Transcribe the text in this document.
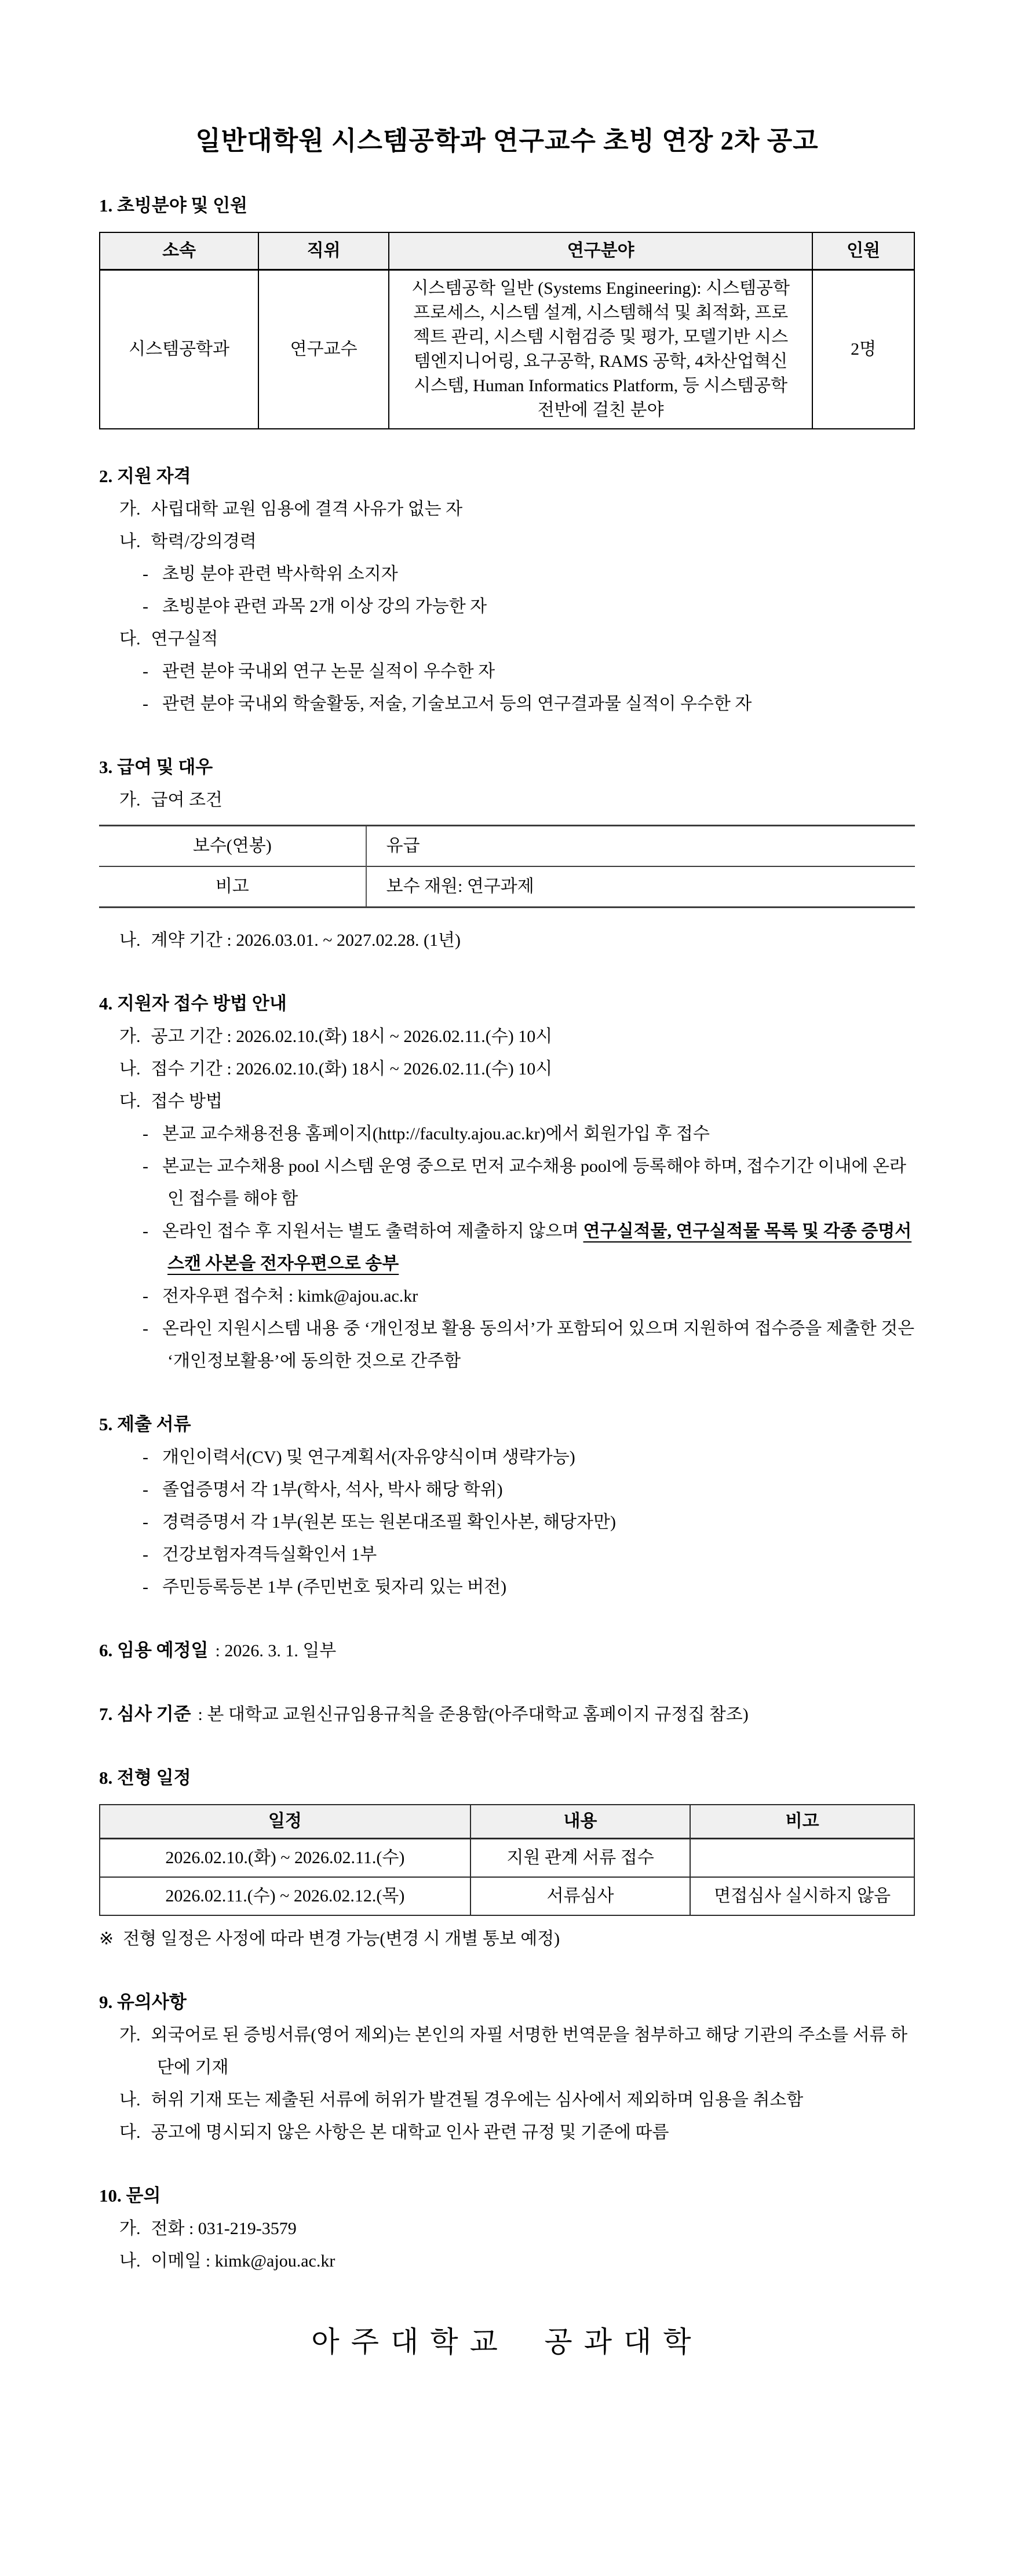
일반대학원 시스템공학과 연구교수 초빙 연장 2차 공고
1. 초빙분야 및 인원
소속	직위	연구분야	인원
시스템공학과	연구교수	시스템공학 일반 (Systems Engineering): 시스템공학 프로세스, 시스템 설계, 시스템해석 및 최적화, 프로젝트 관리, 시스템 시험검증 및 평가, 모델기반 시스템엔지니어링, 요구공학, RAMS 공학, 4차산업혁신 시스템, Human Informatics Platform, 등 시스템공학 전반에 걸친 분야	2명
2. 지원 자격
가. 사립대학 교원 임용에 결격 사유가 없는 자
나. 학력/강의경력
- 초빙 분야 관련 박사학위 소지자
- 초빙분야 관련 과목 2개 이상 강의 가능한 자
다. 연구실적
- 관련 분야 국내외 연구 논문 실적이 우수한 자
- 관련 분야 국내외 학술활동, 저술, 기술보고서 등의 연구결과물 실적이 우수한 자
3. 급여 및 대우
가. 급여 조건
보수(연봉)	유급
비고	보수 재원: 연구과제
나. 계약 기간 : 2026.03.01. ~ 2027.02.28. (1년)
4. 지원자 접수 방법 안내
가. 공고 기간 : 2026.02.10.(화) 18시 ~ 2026.02.11.(수) 10시
나. 접수 기간 : 2026.02.10.(화) 18시 ~ 2026.02.11.(수) 10시
다. 접수 방법
- 본교 교수채용전용 홈페이지(http://faculty.ajou.ac.kr)에서 회원가입 후 접수
- 본교는 교수채용 pool 시스템 운영 중으로 먼저 교수채용 pool에 등록해야 하며, 접수기간 이내에 온라인 접수를 해야 함
- 온라인 접수 후 지원서는 별도 출력하여 제출하지 않으며 연구실적물, 연구실적물 목록 및 각종 증명서 스캔 사본을 전자우편으로 송부
- 전자우편 접수처 : kimk@ajou.ac.kr
- 온라인 지원시스템 내용 중 ‘개인정보 활용 동의서’가 포함되어 있으며 지원하여 접수증을 제출한 것은 ‘개인정보활용’에 동의한 것으로 간주함
5. 제출 서류
- 개인이력서(CV) 및 연구계획서(자유양식이며 생략가능)
- 졸업증명서 각 1부(학사, 석사, 박사 해당 학위)
- 경력증명서 각 1부(원본 또는 원본대조필 확인사본, 해당자만)
- 건강보험자격득실확인서 1부
- 주민등록등본 1부 (주민번호 뒷자리 있는 버전)
6. 임용 예정일 : 2026. 3. 1. 일부
7. 심사 기준 : 본 대학교 교원신규임용규칙을 준용함(아주대학교 홈페이지 규정집 참조)
8. 전형 일정
일정	내용	비고
2026.02.10.(화) ~ 2026.02.11.(수)	지원 관계 서류 접수	
2026.02.11.(수) ~ 2026.02.12.(목)	서류심사	면접심사 실시하지 않음
※ 전형 일정은 사정에 따라 변경 가능(변경 시 개별 통보 예정)
9. 유의사항
가. 외국어로 된 증빙서류(영어 제외)는 본인의 자필 서명한 번역문을 첨부하고 해당 기관의 주소를 서류 하단에 기재
나. 허위 기재 또는 제출된 서류에 허위가 발견될 경우에는 심사에서 제외하며 임용을 취소함
다. 공고에 명시되지 않은 사항은 본 대학교 인사 관련 규정 및 기준에 따름
10. 문의
가. 전화 : 031-219-3579
나. 이메일 : kimk@ajou.ac.kr
아주대학교 공과대학
